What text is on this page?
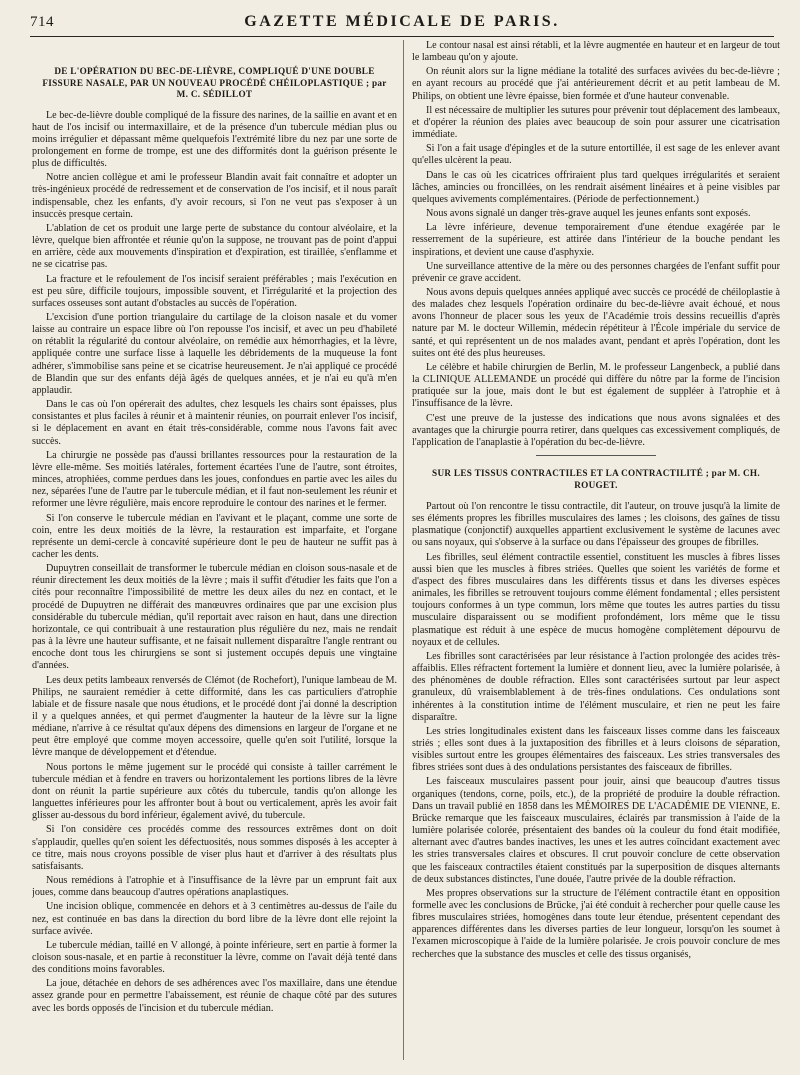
714	GAZETTE MÉDICALE DE PARIS.
DE L'OPÉRATION DU BEC-DE-LIÈVRE, COMPLIQUÉ D'UNE DOUBLE FISSURE NASALE, PAR UN NOUVEAU PROCÉDÉ CHÉILOPLASTIQUE ; par M. C. SÉDILLOT

Le bec-de-lièvre double compliqué de la fissure des narines, de la saillie en avant et en haut de l'os incisif ou intermaxillaire, et de la présence d'un tubercule médian plus ou moins irrégulier et dépassant même quelquefois l'extrémité libre du nez par une sorte de prolongement en forme de trompe, est une des difformités dont la guérison présente le plus de difficultés.

Notre ancien collègue et ami le professeur Blandin avait fait connaître et adopter un très-ingénieux procédé de redressement et de conservation de l'os incisif, et il nous paraît indispensable, chez les enfants, d'y avoir recours, si l'on ne veut pas s'exposer à un insuccès presque certain.

L'ablation de cet os produit une large perte de substance du contour alvéolaire, et la lèvre, quelque bien affrontée et réunie qu'on la suppose, ne trouvant pas de point d'appui en arrière, cède aux mouvements d'inspiration et d'expiration, est tiraillée, s'enflamme et ne se cicatrise pas.

La fracture et le refoulement de l'os incisif seraient préférables ; mais l'exécution en est peu sûre, difficile toujours, impossible souvent, et l'irrégularité et la projection des surfaces osseuses sont autant d'obstacles au succès de l'opération.

L'excision d'une portion triangulaire du cartilage de la cloison nasale et du vomer laisse au contraire un espace libre où l'on repousse l'os incisif, et avec un peu d'habileté on rétablit la régularité du contour alvéolaire, on remédie aux hémorrhagies, et la lèvre, appliquée contre une surface lisse à laquelle les débridements de la muqueuse la font adhérer, s'immobilise sans peine et se cicatrise heureusement. Je n'ai appliqué ce procédé de Blandin que sur des enfants déjà âgés de quelques années, et je n'ai eu qu'à m'en applaudir.

Dans le cas où l'on opérerait des adultes, chez lesquels les chairs sont épaisses, plus consistantes et plus faciles à réunir et à maintenir réunies, on pourrait enlever l'os incisif, si le déplacement en avant en était très-considérable, comme nous l'avons fait avec succès.

La chirurgie ne possède pas d'aussi brillantes ressources pour la restauration de la lèvre elle-même. Ses moitiés latérales, fortement écartées l'une de l'autre, sont étroites, minces, atrophiées, comme perdues dans les joues, confondues en partie avec les ailes du nez, séparées l'une de l'autre par le tubercule médian, et il faut non-seulement les réunir et reformer une lèvre régulière, mais encore reproduire le contour des narines et le fermer.

Si l'on conserve le tubercule médian en l'avivant et le plaçant, comme une sorte de coin, entre les deux moitiés de la lèvre, la restauration est imparfaite, et l'organe représente un demi-cercle à concavité supérieure dont le peu de hauteur ne suffit pas à cacher les dents.

Dupuytren conseillait de transformer le tubercule médian en cloison sous-nasale et de réunir directement les deux moitiés de la lèvre ; mais il suffit d'étudier les faits que l'on a cités pour reconnaître l'impossibilité de mettre les deux ailes du nez en contact, et le procédé de Dupuytren ne différait des manœuvres ordinaires que par une excision plus considérable du tubercule médian, qu'il reportait avec raison en haut, dans une direction horizontale, ce qui contribuait à une restauration plus régulière du nez, mais ne rendait pas à la lèvre une hauteur suffisante, et ne faisait nullement disparaître l'angle rentrant ou encoche dont tous les chirurgiens se sont si justement occupés depuis une vingtaine d'années.

Les deux petits lambeaux renversés de Clémot (de Rochefort), l'unique lambeau de M. Philips, ne sauraient remédier à cette difformité, dans les cas particuliers d'atrophie labiale et de fissure nasale que nous étudions, et le procédé dont j'ai donné la description il y a quelques années, et qui permet d'augmenter la hauteur de la lèvre sur la ligne médiane, n'arrive à ce résultat qu'aux dépens des dimensions en largeur de l'organe et ne peut être employé que comme moyen accessoire, quelle qu'en soit l'utilité, lorsque la lèvre manque de développement et d'étendue.

Nous portons le même jugement sur le procédé qui consiste à tailler carrément le tubercule médian et à fendre en travers ou horizontalement les portions libres de la lèvre dont on réunit la partie supérieure aux côtés du tubercule, tandis qu'on allonge les languettes inférieures pour les affronter bout à bout ou verticalement, après les avoir fait glisser au-dessous du bord inférieur, également avivé, du tubercule.

Si l'on considère ces procédés comme des ressources extrêmes dont on doit s'applaudir, quelles qu'en soient les défectuosités, nous sommes disposés à les accepter à ce titre, mais nous croyons possible de viser plus haut et d'arriver à des résultats plus satisfaisants.

Nous remédions à l'atrophie et à l'insuffisance de la lèvre par un emprunt fait aux joues, comme dans beaucoup d'autres opérations anaplastiques.

Une incision oblique, commencée en dehors et à 3 centimètres au-dessus de l'aile du nez, est continuée en bas dans la direction du bord libre de la lèvre dont elle rejoint la surface avivée.

Le tubercule médian, taillé en V allongé, à pointe inférieure, sert en partie à former la cloison sous-nasale, et en partie à reconstituer la lèvre, comme on l'avait déjà tenté dans des conditions moins favorables.

La joue, détachée en dehors de ses adhérences avec l'os maxillaire, dans une étendue assez grande pour en permettre l'abaissement, est réunie de chaque côté par des sutures avec les bords opposés de l'incision et du tubercule médian.

Le contour nasal est ainsi rétabli, et la lèvre augmentée en hauteur et en largeur de tout le lambeau qu'on y ajoute.

On réunit alors sur la ligne médiane la totalité des surfaces avivées du bec-de-lièvre ; en ayant recours au procédé que j'ai antérieurement décrit et au petit lambeau de M. Philips, on obtient une lèvre épaisse, bien formée et d'une hauteur convenable.

Il est nécessaire de multiplier les sutures pour prévenir tout déplacement des lambeaux, et d'opérer la réunion des plaies avec beaucoup de soin pour assurer une cicatrisation immédiate.

Si l'on a fait usage d'épingles et de la suture entortillée, il est sage de les enlever avant qu'elles ulcèrent la peau.

Dans le cas où les cicatrices offriraient plus tard quelques irrégularités et seraient lâches, amincies ou froncillées, on les rendrait aisément linéaires et à peine visibles par quelques avivements complémentaires. (Période de perfectionnement.)

Nous avons signalé un danger très-grave auquel les jeunes enfants sont exposés.

La lèvre inférieure, devenue temporairement d'une étendue exagérée par le resserrement de la supérieure, est attirée dans l'intérieur de la bouche pendant les inspirations, et devient une cause d'asphyxie.

Une surveillance attentive de la mère ou des personnes chargées de l'enfant suffit pour prévenir ce grave accident.

Nous avons depuis quelques années appliqué avec succès ce procédé de chéiloplastie à des malades chez lesquels l'opération ordinaire du bec-de-lièvre avait échoué, et nous avons l'honneur de placer sous les yeux de l'Académie trois dessins recueillis d'après nature par M. le docteur Willemin, médecin répétiteur à l'École impériale du service de santé, et qui représentent un de nos malades avant, pendant et après l'opération, dont les suites ont été des plus heureuses.

Le célèbre et habile chirurgien de Berlin, M. le professeur Langenbeck, a publié dans la CLINIQUE ALLEMANDE un procédé qui diffère du nôtre par la forme de l'incision pratiquée sur la joue, mais dont le but est également de suppléer à l'atrophie et à l'insuffisance de la lèvre.

C'est une preuve de la justesse des indications que nous avons signalées et des avantages que la chirurgie pourra retirer, dans quelques cas excessivement compliqués, de l'application de l'anaplastie à l'opération du bec-de-lièvre.

SUR LES TISSUS CONTRACTILES ET LA CONTRACTILITÉ ; par M. CH. ROUGET.

Partout où l'on rencontre le tissu contractile, dit l'auteur, on trouve jusqu'à la limite de ses éléments propres les fibrilles musculaires des lames ; les cloisons, des gaînes de tissu plasmatique (conjonctif) auxquelles appartient exclusivement le système de lacunes avec ou sans noyaux, qui s'observe à la surface ou dans l'épaisseur des groupes de fibrilles.

Les fibrilles, seul élément contractile essentiel, constituent les muscles à fibres lisses aussi bien que les muscles à fibres striées. Quelles que soient les variétés de forme et d'aspect des fibres musculaires dans les différents tissus et dans les diverses espèces animales, les fibrilles se retrouvent toujours comme élément fondamental ; elles persistent toujours conformes à un type commun, lors même que toutes les autres parties du tissu musculaire disparaissent ou se modifient profondément, lors même que le tissu plasmatique est réduit à une espèce de mucus homogène complètement dépourvu de noyaux et de cellules.

Les fibrilles sont caractérisées par leur résistance à l'action prolongée des acides très-affaiblis. Elles réfractent fortement la lumière et donnent lieu, avec la lumière polarisée, à des phénomènes de double réfraction. Elles sont caractérisées surtout par leur aspect granuleux, dû vraisemblablement à de très-fines ondulations. Ces ondulations sont inhérentes à la constitution intime de l'élément musculaire, et rien ne peut les faire disparaître.

Les stries longitudinales existent dans les faisceaux lisses comme dans les faisceaux striés ; elles sont dues à la juxtaposition des fibrilles et à leurs cloisons de séparation, visibles surtout entre les groupes élémentaires des faisceaux. Les stries transversales des fibres striées sont dues à des ondulations persistantes des faisceaux de fibrilles.

Les faisceaux musculaires passent pour jouir, ainsi que beaucoup d'autres tissus organiques (tendons, corne, poils, etc.), de la propriété de produire la double réfraction. Dans un travail publié en 1858 dans les MÉMOIRES DE L'ACADÉMIE DE VIENNE, E. Brücke remarque que les faisceaux musculaires, éclairés par transmission à l'aide de la lumière polarisée colorée, présentaient des bandes où la couleur du fond était modifiée, alternant avec d'autres bandes inactives, les unes et les autres coïncidant exactement avec les stries transversales claires et obscures. Il crut pouvoir conclure de cette observation que les faisceaux contractiles étaient constitués par la superposition de disques alternants de deux substances distinctes, l'une douée, l'autre privée de la double réfraction.

Mes propres observations sur la structure de l'élément contractile étant en opposition formelle avec les conclusions de Brücke, j'ai été conduit à rechercher pour quelle cause les fibres musculaires striées, homogènes dans toute leur étendue, présentent cependant des apparences différentes dans les diverses parties de leur longueur, lorsqu'on les soumet à l'examen microscopique à l'aide de la lumière polarisée. Je crois pouvoir conclure de mes recherches que la substance des muscles et celle des tissus organisés,
